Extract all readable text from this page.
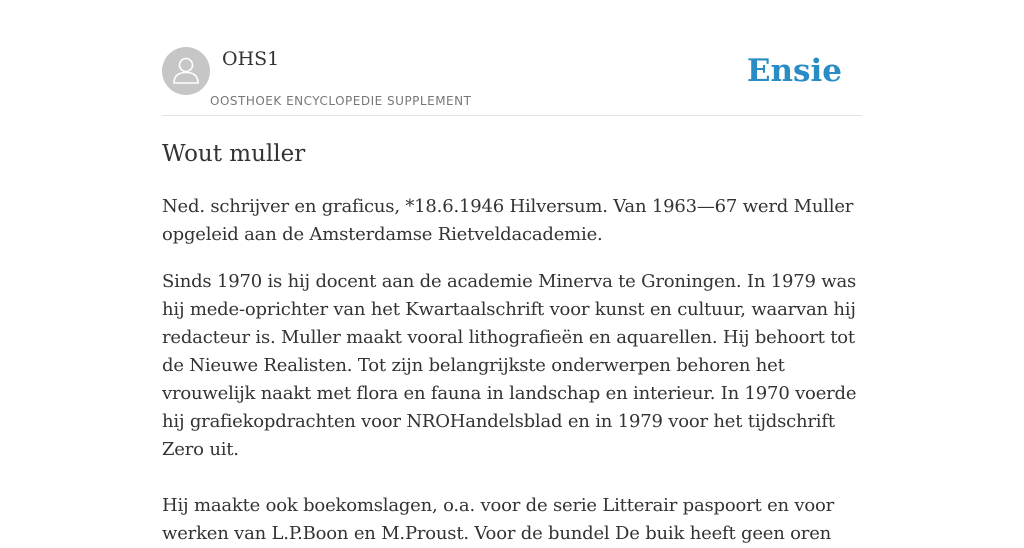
OHS1
OOSTHOEK ENCYCLOPEDIE SUPPLEMENT
Ensie
Wout muller

Ned. schrijver en graficus, *18.6.1946 Hilversum. Van 1963—67 werd Muller opgeleid aan de Amsterdamse Rietveldacademie.

Sinds 1970 is hij docent aan de academie Minerva te Groningen. In 1979 was hij mede-oprichter van het Kwartaalschrift voor kunst en cultuur, waarvan hij redacteur is. Muller maakt vooral lithografieën en aquarellen. Hij behoort tot de Nieuwe Realisten. Tot zijn belangrijkste onderwerpen behoren het vrouwelijk naakt met flora en fauna in landschap en interieur. In 1970 voerde hij grafiekopdrachten voor NROHandelsblad en in 1979 voor het tijdschrift Zero uit.

Hij maakte ook boekomslagen, o.a. voor de serie Litterair paspoort en voor werken van L.P.Boon en M.Proust. Voor de bundel De buik heeft geen oren
